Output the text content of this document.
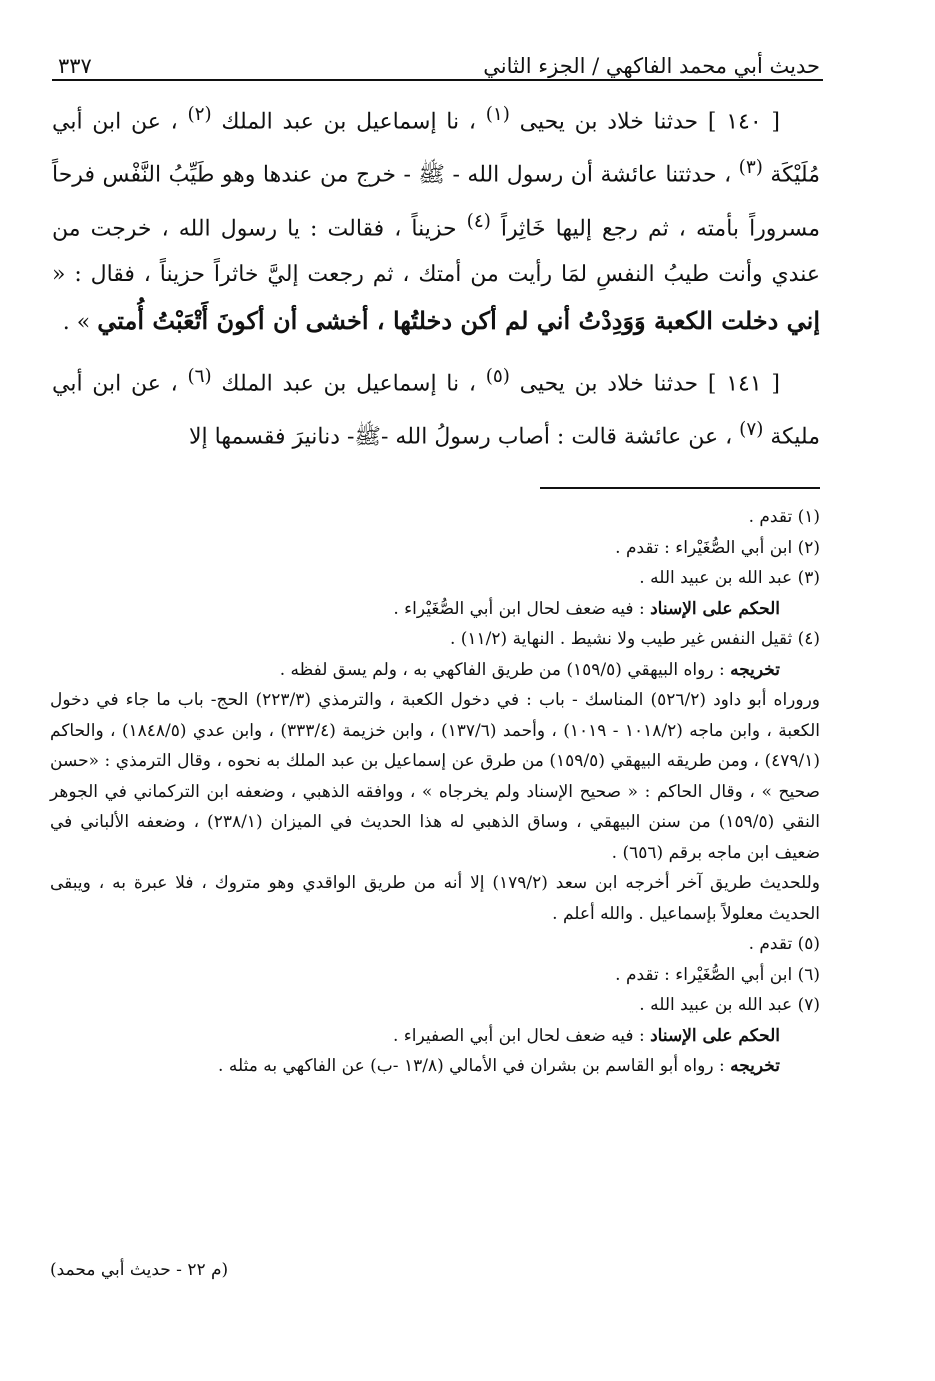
حديث أبي محمد الفاكهي / الجزء الثاني
٣٣٧

[ ١٤٠ ] حدثنا خلاد بن يحيى $^{(١)}$ ، نا إسماعيل بن عبد الملك $^{(٢)}$ ، عن ابن أبي مُلَيْكَة $^{(٣)}$ ، حدثتنا عائشة أن رسول الله - ﷺ - خرج من عندها وهو طَيِّبُ النَّفْس فرحاً مسروراً بأمته ، ثم رجع إليها خَاثِراً $^{(٤)}$ حزيناً ، فقالت : يا رسول الله ، خرجت من عندي وأنت طيبُ النفسِ لمَا رأيت من أمتك ، ثم رجعت إليَّ خاثراً حزيناً ، فقال : « إني دخلت الكعبة وَوَدِدْتُ أني لم أكن دخلتُها ، أخشى أن أكونَ أَتْعَبْتُ أُمتي » .

[ ١٤١ ] حدثنا خلاد بن يحيى $^{(٥)}$ ، نا إسماعيل بن عبد الملك $^{(٦)}$ ، عن ابن أبي مليكة $^{(٧)}$ ، عن عائشة قالت : أصاب رسولُ الله -ﷺ- دنانيرَ فقسمها إلا

(١) تقدم .
(٢) ابن أبي الصُّغَيْراء : تقدم .
(٣) عبد الله بن عبيد الله .
الحكم على الإسناد : فيه ضعف لحال ابن أبي الصُّغَيْراء .
(٤) ثقيل النفس غير طيب ولا نشيط . النهاية (١١/٢) .
تخريجه : رواه البيهقي (١٥٩/٥) من طريق الفاكهي به ، ولم يسق لفظه .

وروراه أبو داود (٥٢٦/٢) المناسك - باب : في دخول الكعبة ، والترمذي (٢٢٣/٣) الحج- باب ما جاء في دخول الكعبة ، وابن ماجه (١٠١٨/٢ - ١٠١٩) ، وأحمد (١٣٧/٦) ، وابن خزيمة (٣٣٣/٤) ، وابن عدي (١٨٤٨/٥) ، والحاكم (٤٧٩/١) ، ومن طريقه البيهقي (١٥٩/٥) من طرق عن إسماعيل بن عبد الملك به نحوه ، وقال الترمذي : «حسن صحيح » ، وقال الحاكم : « صحيح الإسناد ولم يخرجاه » ، ووافقه الذهبي ، وضعفه ابن التركماني في الجوهر النقي (١٥٩/٥) من سنن البيهقي ، وساق الذهبي له هذا الحديث في الميزان (٢٣٨/١) ، وضعفه الألباني في ضعيف ابن ماجه برقم (٦٥٦) .

وللحديث طريق آخر أخرجه ابن سعد (١٧٩/٢) إلا أنه من طريق الواقدي وهو متروك ، فلا عبرة به ، ويبقى الحديث معلولاً بإسماعيل . والله أعلم .

(٥) تقدم .
(٦) ابن أبي الصُّغَيْراء : تقدم .
(٧) عبد الله بن عبيد الله .
الحكم على الإسناد : فيه ضعف لحال ابن أبي الصفيراء .
تخريجه : رواه أبو القاسم بن بشران في الأمالي (١٣/٨ -ب) عن الفاكهي به مثله .
(م ٢٢ - حديث أبي محمد)
